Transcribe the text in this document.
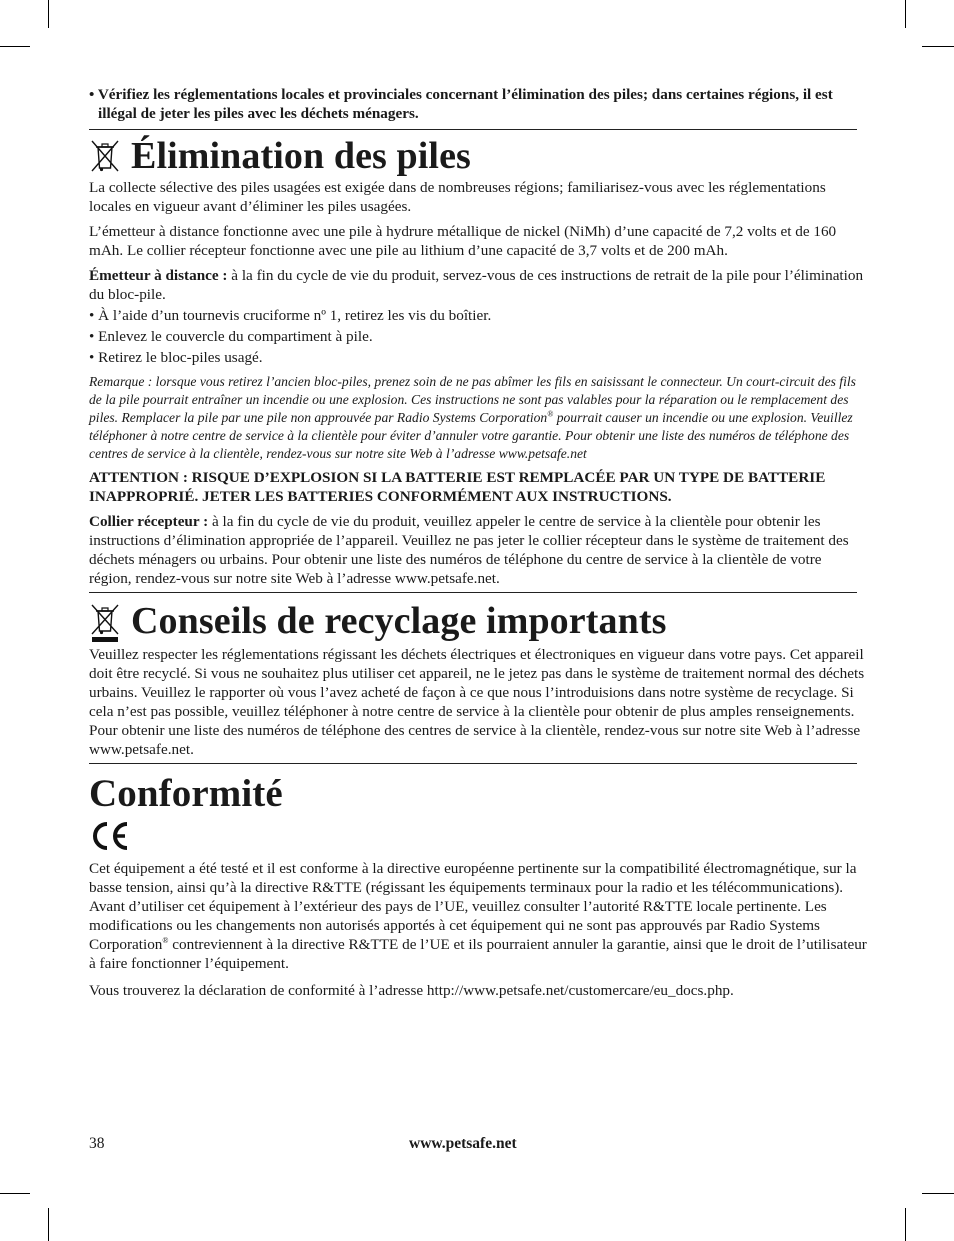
• Vérifiez les réglementations locales et provinciales concernant l’élimination des piles; dans certaines régions, il est illégal de jeter les piles avec les déchets ménagers.

Élimination des piles

La collecte sélective des piles usagées est exigée dans de nombreuses régions; familiarisez-vous avec les réglementations locales en vigueur avant d’éliminer les piles usagées.

L’émetteur à distance fonctionne avec une pile à hydrure métallique de nickel (NiMh) d’une capacité de 7,2 volts et de 160 mAh. Le collier récepteur fonctionne avec une pile au lithium d’une capacité de 3,7 volts et de 200 mAh.

Émetteur à distance : à la fin du cycle de vie du produit, servez-vous de ces instructions de retrait de la pile pour l’élimination du bloc-pile.

• À l’aide d’un tournevis cruciforme nº 1, retirez les vis du boîtier.

• Enlevez le couvercle du compartiment à pile.

• Retirez le bloc-piles usagé.

Remarque : lorsque vous retirez l’ancien bloc-piles, prenez soin de ne pas abîmer les fils en saisissant le connecteur. Un court-circuit des fils de la pile pourrait entraîner un incendie ou une explosion. Ces instructions ne sont pas valables pour la réparation ou le remplacement des piles. Remplacer la pile par une pile non approuvée par Radio Systems Corporation® pourrait causer un incendie ou une explosion. Veuillez téléphoner à notre centre de service à la clientèle pour éviter d’annuler votre garantie. Pour obtenir une liste des numéros de téléphone des centres de service à la clientèle, rendez-vous sur notre site Web à l’adresse www.petsafe.net

ATTENTION : RISQUE D’EXPLOSION SI LA BATTERIE EST REMPLACÉE PAR UN TYPE DE BATTERIE INAPPROPRIÉ. JETER LES BATTERIES CONFORMÉMENT AUX INSTRUCTIONS.

Collier récepteur : à la fin du cycle de vie du produit, veuillez appeler le centre de service à la clientèle pour obtenir les instructions d’élimination appropriée de l’appareil. Veuillez ne pas jeter le collier récepteur dans le système de traitement des déchets ménagers ou urbains. Pour obtenir une liste des numéros de téléphone du centre de service à la clientèle de votre région, rendez-vous sur notre site Web à l’adresse www.petsafe.net.

Conseils de recyclage importants

Veuillez respecter les réglementations régissant les déchets électriques et électroniques en vigueur dans votre pays. Cet appareil doit être recyclé. Si vous ne souhaitez plus utiliser cet appareil, ne le jetez pas dans le système de traitement normal des déchets urbains. Veuillez le rapporter où vous l’avez acheté de façon à ce que nous l’introduisions dans notre système de recyclage. Si cela n’est pas possible, veuillez téléphoner à notre centre de service à la clientèle pour obtenir de plus amples renseignements. Pour obtenir une liste des numéros de téléphone des centres de service à la clientèle, rendez-vous sur notre site Web à l’adresse www.petsafe.net.

Conformité

Cet équipement a été testé et il est conforme à la directive européenne pertinente sur la compatibilité électromagnétique, sur la basse tension, ainsi qu’à la directive R&TTE (régissant les équipements terminaux pour la radio et les télécommunications). Avant d’utiliser cet équipement à l’extérieur des pays de l’UE, veuillez consulter l’autorité R&TTE locale pertinente. Les modifications ou les changements non autorisés apportés à cet équipement qui ne sont pas approuvés par Radio Systems Corporation® contreviennent à la directive R&TTE de l’UE et ils pourraient annuler la garantie, ainsi que le droit de l’utilisateur à faire fonctionner l’équipement.

Vous trouverez la déclaration de conformité à l’adresse http://www.petsafe.net/customercare/eu_docs.php.

38	www.petsafe.net
